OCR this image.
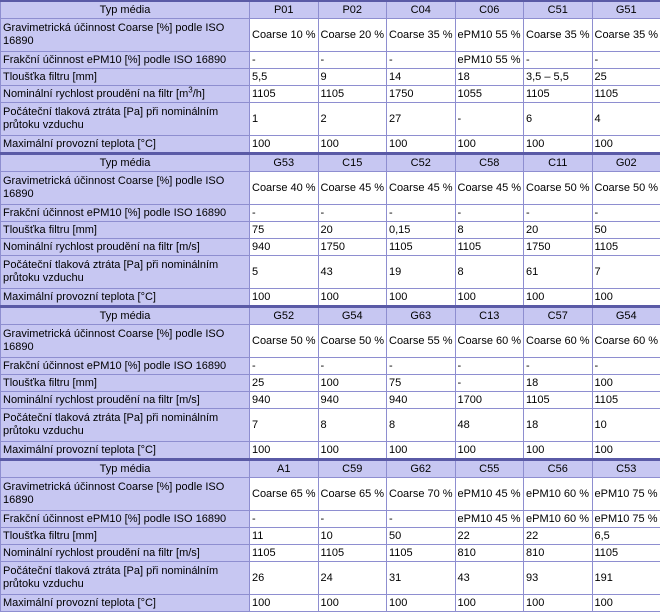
Typ média	P01	P02	C04	C06	C51	G51
Gravimetrická účinnost Coarse [%] podle ISO 16890	Coarse 10 %	Coarse 20 %	Coarse 35 %	ePM10 55 %	Coarse 35 %	Coarse 35 %
Frakční účinnost ePM10 [%] podle ISO 16890	-	-	-	ePM10 55 %	-	-
Tloušťka filtru [mm]	5,5	9	14	18	3,5 – 5,5	25
Nominální rychlost proudění na filtr $[m^3/h]$	1105	1105	1750	1055	1105	1105
Počáteční tlaková ztráta [Pa] při nominálním průtoku vzduchu	1	2	27	-	6	4
Maximální provozní teplota [°C]	100	100	100	100	100	100
Typ média	G53	C15	C52	C58	C11	G02
Gravimetrická účinnost Coarse [%] podle ISO 16890	Coarse 40 %	Coarse 45 %	Coarse 45 %	Coarse 45 %	Coarse 50 %	Coarse 50 %
Frakční účinnost ePM10 [%] podle ISO 16890	-	-	-	-	-	-
Tloušťka filtru [mm]	75	20	0,15	8	20	50
Nominální rychlost proudění na filtr [m/s]	940	1750	1105	1105	1750	1105
Počáteční tlaková ztráta [Pa] při nominálním průtoku vzduchu	5	43	19	8	61	7
Maximální provozní teplota [°C]	100	100	100	100	100	100
Typ média	G52	G54	G63	C13	C57	G54
Gravimetrická účinnost Coarse [%] podle ISO 16890	Coarse 50 %	Coarse 50 %	Coarse 55 %	Coarse 60 %	Coarse 60 %	Coarse 60 %
Frakční účinnost ePM10 [%] podle ISO 16890	-	-	-	-	-	-
Tloušťka filtru [mm]	25	100	75	-	18	100
Nominální rychlost proudění na filtr [m/s]	940	940	940	1700	1105	1105
Počáteční tlaková ztráta [Pa] při nominálním průtoku vzduchu	7	8	8	48	18	10
Maximální provozní teplota [°C]	100	100	100	100	100	100
Typ média	A1	C59	G62	C55	C56	C53
Gravimetrická účinnost Coarse [%] podle ISO 16890	Coarse 65 %	Coarse 65 %	Coarse 70 %	ePM10 45 %	ePM10 60 %	ePM10 75 %
Frakční účinnost ePM10 [%] podle ISO 16890	-	-	-	ePM10 45 %	ePM10 60 %	ePM10 75 %
Tloušťka filtru [mm]	11	10	50	22	22	6,5
Nominální rychlost proudění na filtr [m/s]	1105	1105	1105	810	810	1105
Počáteční tlaková ztráta [Pa] při nominálním průtoku vzduchu	26	24	31	43	93	191
Maximální provozní teplota [°C]	100	100	100	100	100	100
